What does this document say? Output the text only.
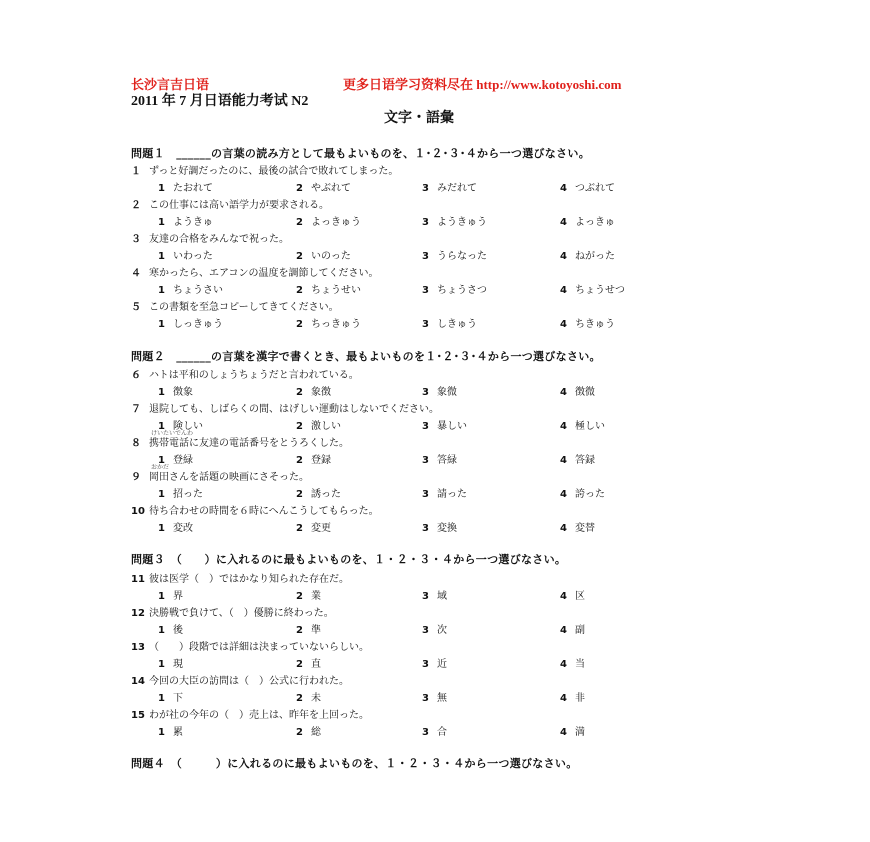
长沙言吉日语	更多日语学习资料尽在 http://www.kotoyoshi.com
2011 年 7 月日语能力考试 N2
文字・語彙
問題１　______の言葉の読み方として最もよいものを、１･２･３･４から一つ選びなさい。
１ ずっと好調だったのに、最後の試合で敗れてしまった。
1 たおれて	2 やぶれて	3 みだれて	4 つぶれて
２ この仕事には高い語学力が要求される。
1 ようきゅ	2 よっきゅう	3 ようきゅう	4 よっきゅ
３ 友達の合格をみんなで祝った。
1 いわった	2 いのった	3 うらなった	4 ねがった
４ 寒かったら、エアコンの温度を調節してください。
1 ちょうさい	2 ちょうせい	3 ちょうさつ	4 ちょうせつ
５ この書類を至急コピーしてきてください。
1 しっきゅう	2 ちっきゅう	3 しきゅう	4 ちきゅう
問題２　______の言葉を漢字で書くとき、最もよいものを１･２･３･４から一つ選びなさい。
６ ハトは平和のしょうちょうだと言われている。
1 徴象	2 象徴	3 象微	4 徴微
７ 退院しても、しばらくの間、はげしい運動はしないでください。
1 険しい	2 激しい	3 暴しい	4 極しい
８ 携帯電話に友達の電話番号をとうろくした。
1 登緑	2 登録	3 答緑	4 答録
９ 岡田さんを話題の映画にさそった。
1 招った	2 誘った	3 請った	4 誇った
10 待ち合わせの時間を６時にへんこうしてもらった。
1 変改	2 変更	3 変換	4 変替
問題３　（　　）に入れるのに最もよいものを、１・２・３・４から一つ選びなさい。
11 彼は医学（　）ではかなり知られた存在だ。
1 界	2 業	3 域	4 区
12 決勝戦で負けて、（　）優勝に終わった。
1 後	2 準	3 次	4 副
13 （　　）段階では詳細は決まっていないらしい。
1 現	2 直	3 近	4 当
14 今回の大臣の訪問は（　）公式に行われた。
1 下	2 未	3 無	4 非
15 わが社の今年の（　）売上は、昨年を上回った。
1 累	2 総	3 合	4 満
問題４　（　　　）に入れるのに最もよいものを、１・２・３・４から一つ選びなさい。
けいたいでんわ
おかだ
